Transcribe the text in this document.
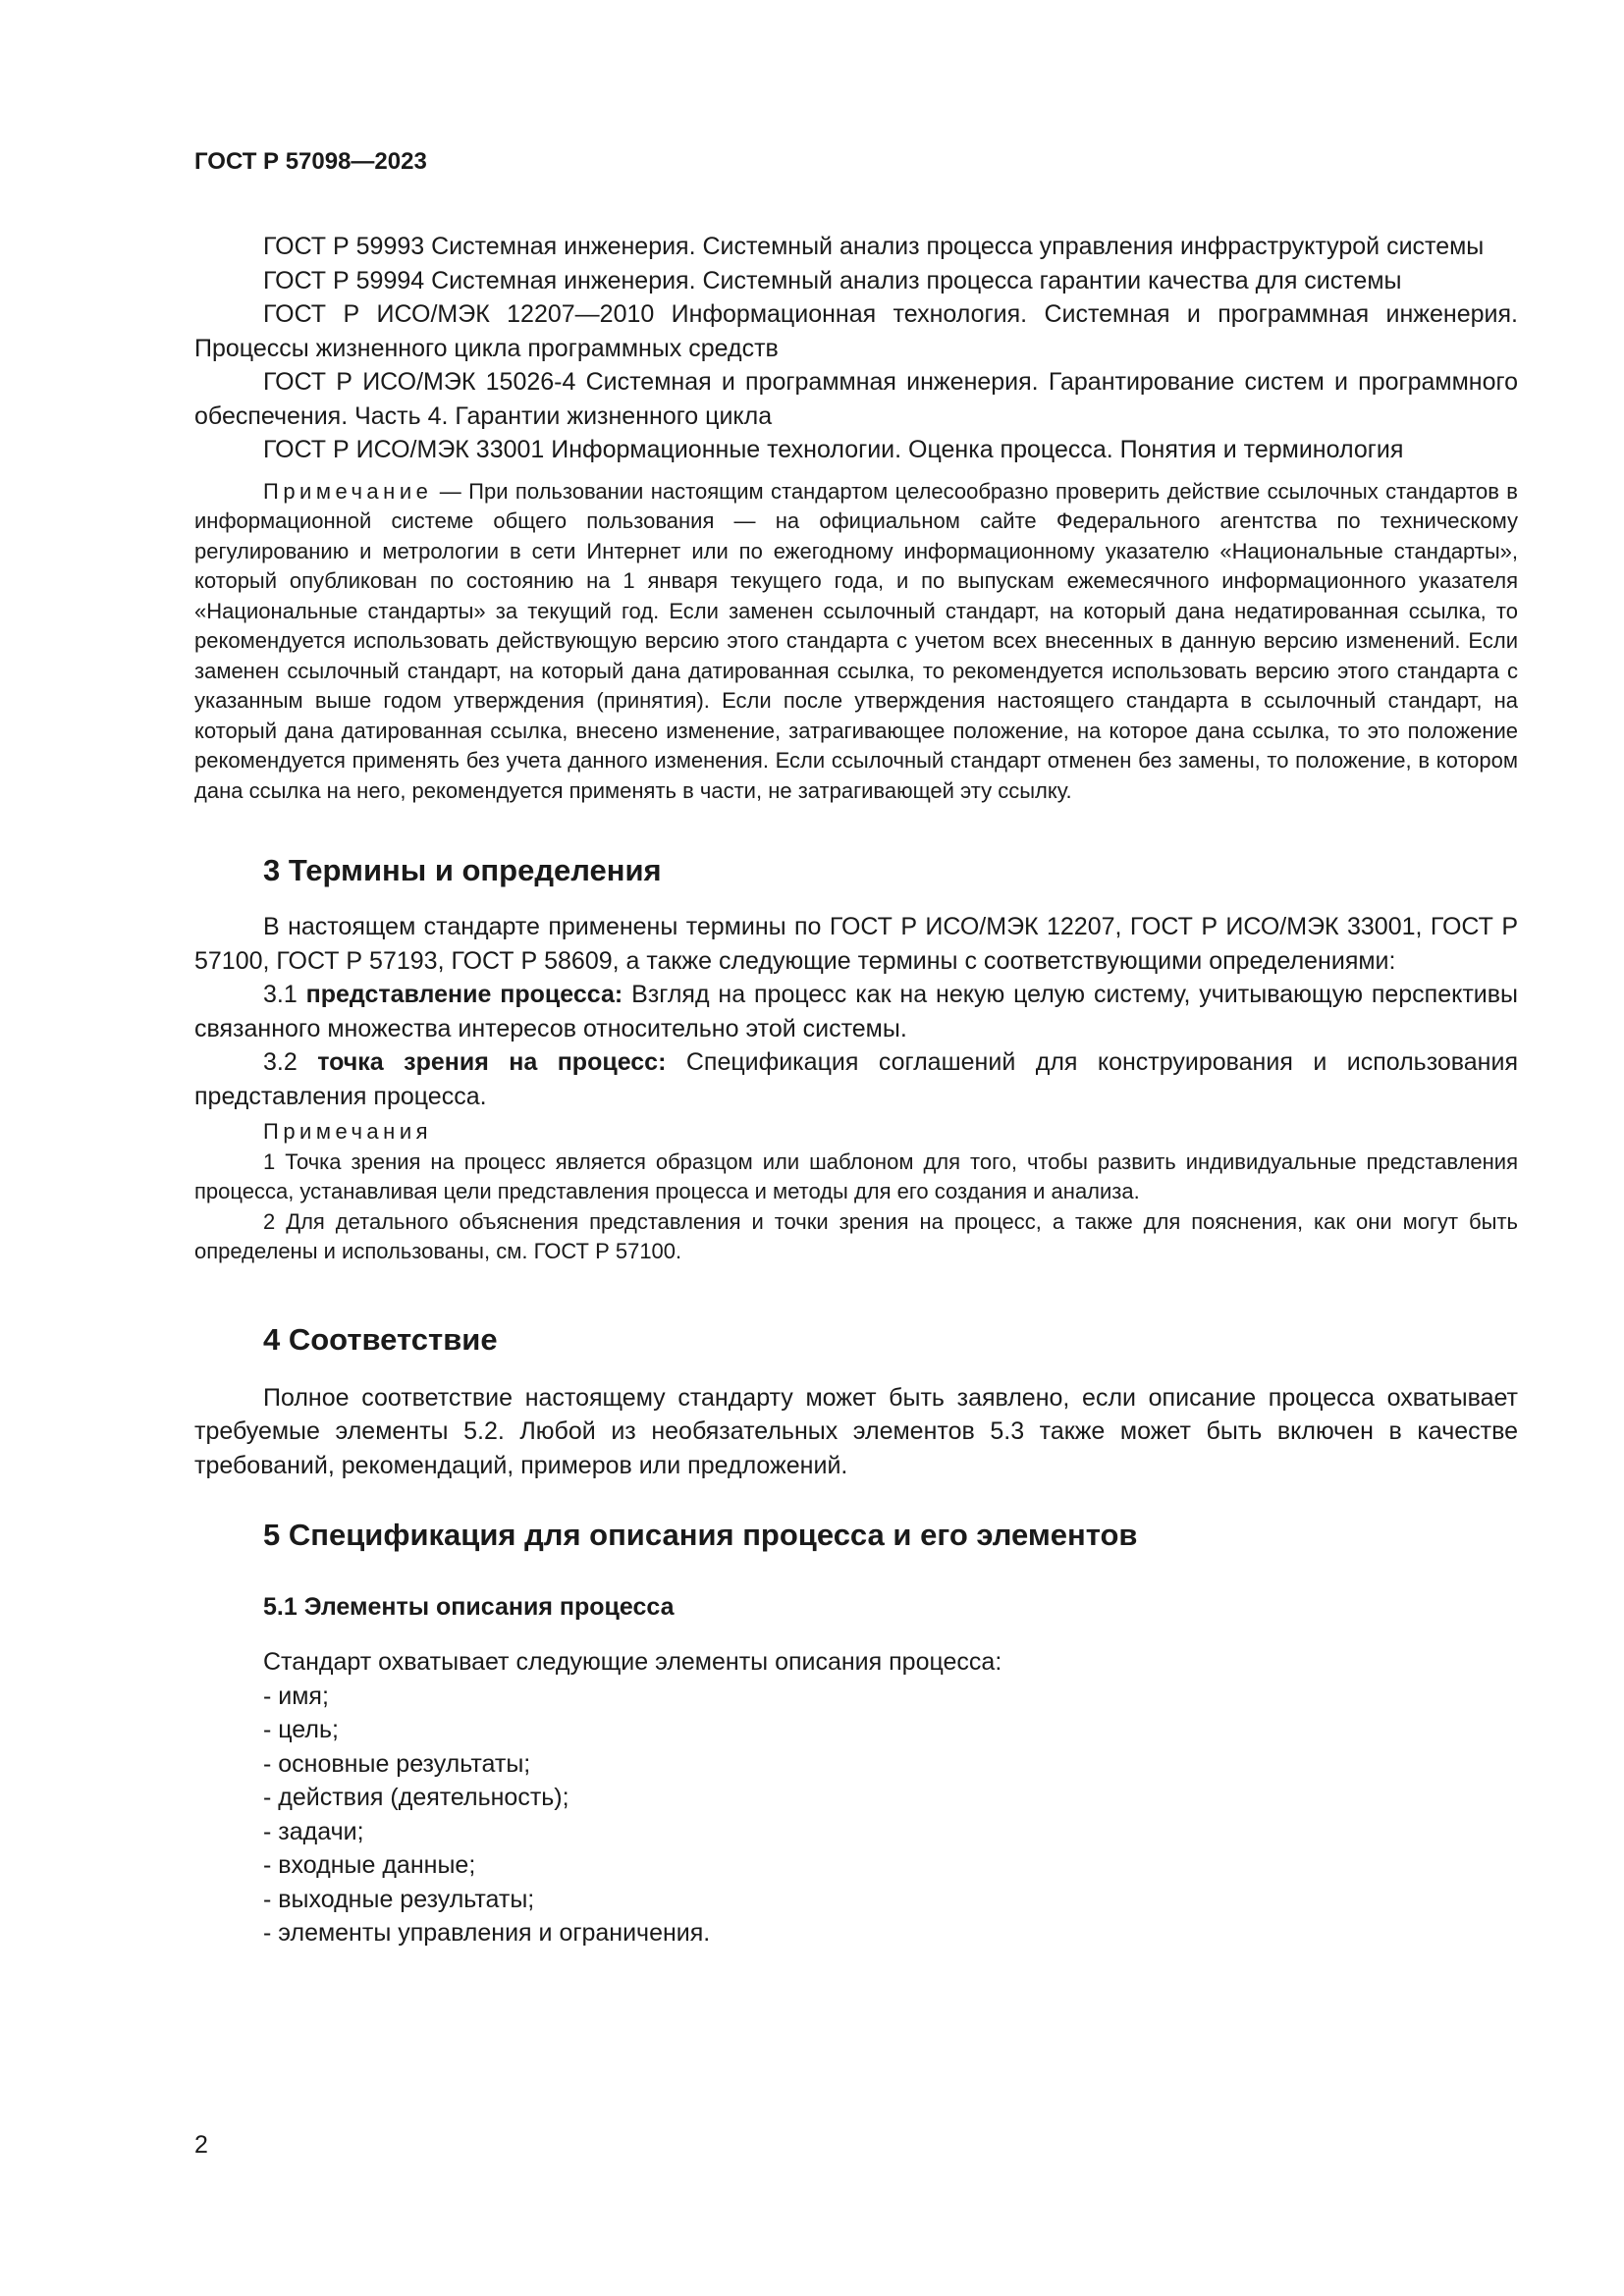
ГОСТ Р 57098—2023

ГОСТ Р 59993 Системная инженерия. Системный анализ процесса управления инфраструктурой системы

ГОСТ Р 59994 Системная инженерия. Системный анализ процесса гарантии качества для системы

ГОСТ Р ИСО/МЭК 12207—2010 Информационная технология. Системная и программная инженерия. Процессы жизненного цикла программных средств

ГОСТ Р ИСО/МЭК 15026-4 Системная и программная инженерия. Гарантирование систем и программного обеспечения. Часть 4. Гарантии жизненного цикла

ГОСТ Р ИСО/МЭК 33001 Информационные технологии. Оценка процесса. Понятия и терминология

Примечание — При пользовании настоящим стандартом целесообразно проверить действие ссылочных стандартов в информационной системе общего пользования — на официальном сайте Федерального агентства по техническому регулированию и метрологии в сети Интернет или по ежегодному информационному указателю «Национальные стандарты», который опубликован по состоянию на 1 января текущего года, и по выпускам ежемесячного информационного указателя «Национальные стандарты» за текущий год. Если заменен ссылочный стандарт, на который дана недатированная ссылка, то рекомендуется использовать действующую версию этого стандарта с учетом всех внесенных в данную версию изменений. Если заменен ссылочный стандарт, на который дана датированная ссылка, то рекомендуется использовать версию этого стандарта с указанным выше годом утверждения (принятия). Если после утверждения настоящего стандарта в ссылочный стандарт, на который дана датированная ссылка, внесено изменение, затрагивающее положение, на которое дана ссылка, то это положение рекомендуется применять без учета данного изменения. Если ссылочный стандарт отменен без замены, то положение, в котором дана ссылка на него, рекомендуется применять в части, не затрагивающей эту ссылку.

3 Термины и определения

В настоящем стандарте применены термины по ГОСТ Р ИСО/МЭК 12207, ГОСТ Р ИСО/МЭК 33001, ГОСТ Р 57100, ГОСТ Р 57193, ГОСТ Р 58609, а также следующие термины с соответствующими определениями:

3.1 представление процесса: Взгляд на процесс как на некую целую систему, учитывающую перспективы связанного множества интересов относительно этой системы.

3.2 точка зрения на процесс: Спецификация соглашений для конструирования и использования представления процесса.

Примечания

1 Точка зрения на процесс является образцом или шаблоном для того, чтобы развить индивидуальные представления процесса, устанавливая цели представления процесса и методы для его создания и анализа.

2 Для детального объяснения представления и точки зрения на процесс, а также для пояснения, как они могут быть определены и использованы, см. ГОСТ Р 57100.

4 Соответствие

Полное соответствие настоящему стандарту может быть заявлено, если описание процесса охватывает требуемые элементы 5.2. Любой из необязательных элементов 5.3 также может быть включен в качестве требований, рекомендаций, примеров или предложений.

5 Спецификация для описания процесса и его элементов
5.1 Элементы описания процесса

Стандарт охватывает следующие элементы описания процесса:

- имя;

- цель;

- основные результаты;

- действия (деятельность);

- задачи;

- входные данные;

- выходные результаты;

- элементы управления и ограничения.

2
